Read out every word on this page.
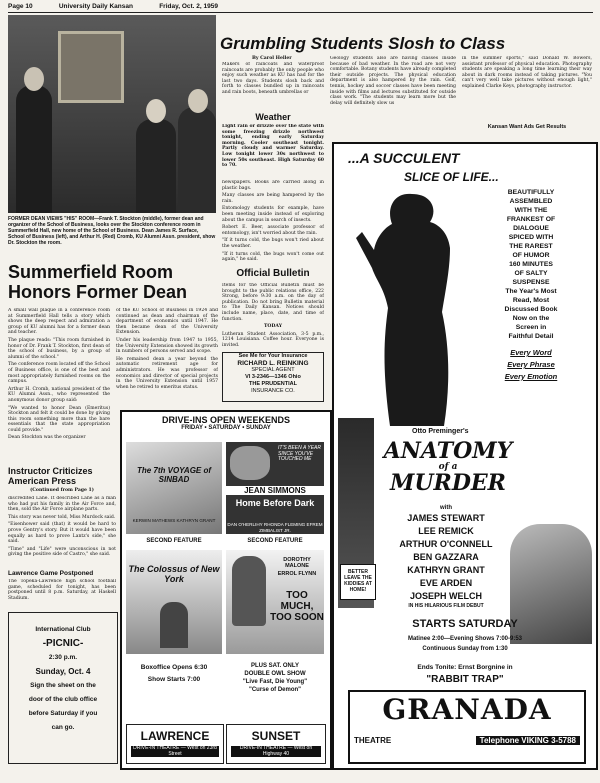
Page 10	University Daily Kansan	Friday, Oct. 2, 1959
FORMER DEAN VIEWS "HIS" ROOM—Frank T. Stockton (middle), former dean and organizer of the School of Business, looks over the Stockton conference room in Summerfield Hall, new home of the School of Business. Dean James R. Surface, School of Business (left), and Arthur H. (Red) Cromb, KU Alumni Assn. president, show Dr. Stockton the room.
Summerfield Room Honors Former Dean

A small wall plaque in a conference room at Summerfield Hall tells a story which shows the deep respect and admiration a group of KU alumni has for a former dean and teacher.

The plaque reads: "This room furnished in honor of Dr. Frank T. Stockton, first dean of the school of business, by a group of alumni of the school."

The conference room located off the School of Business office, is one of the best and most appropriately furnished rooms on the campus.

Arthur H. Cromb, national president of the KU Alumni Assn., who represented the anonymous donor group said:

"We wanted to honor Dean (Emeritus) Stockton and felt it could be done by giving this room something more than the bare essentials that the state appropriation could provide."

Dean Stockton was the organizer

of the KU School of Business in 1924 and continued as dean and chairman of the department of economics until 1947. He then became dean of the University Extension.

Under his leadership from 1947 to 1955, the University Extension showed its growth in numbers of persons served and scope.

He remained dean a year beyond the automatic retirement age for administrators. He was professor of economics and director of special projects in the University Extension until 1957 when he retired to emeritus status.

Grumbling Students Slosh to Class
By Carol Heller
Makers of raincoats and waterproof raincoats are probably the only people who enjoy such weather as KU has had for the last two days. Students slosh back and forth to classes bundled up in raincoats and rain boots, beneath umbrellas or
Geology students also are having classes inside because of bad weather. In the road are not very comfortable. Botany students have already completed their outside projects. The physical education department is also hampered by the rain. Golf, tennis, hockey and soccer classes have been meeting inside with films and lectures substituted for outside class work. "The students may learn more but the delay will definitely slow us
in the summer sports," said Donald W. Bowers, assistant professor of physical education. Photography students are speaking a long time learning their way about in dark rooms instead of taking pictures. "You can't very well take pictures without enough light," explained Clarke Keys, photography instructor.
Kansan Want Ads Get Results
Weather
Light rain or drizzle over the state with some freezing drizzle northwest tonight, ending early Saturday morning. Cooler southeast tonight. Partly cloudy and warmer Saturday. Low tonight lower 30s northwest to lower 50s southeast. High Saturday 60 to 70.

newspapers. Books are carried along in plastic bags.

Many classes are being hampered by the rain.

Entomology students for example, have been meeting inside instead of exploring about the campus in search of insects.

Robert E. Beer, associate professor of entomology, isn't worried about the rain.

"If it turns cold, the bugs won't ried about the weather.

"If it turns cold, the bugs won't come out again," he said.

Official Bulletin

Items for the Official Bulletin must be brought to the public relations office, 222 Strong, before 9:30 a.m. on the day of publication. Do not bring Bulletin material to The Daily Kansan. Notices should include name, place, date, and time of function.

TODAY

Lutheran Student Association, 3-5 p.m., 1214 Louisiana. Coffee hour. Everyone is invited.

See Me for Your Insurance
RICHARD L. REINKING
SPECIAL AGENT
VI 3-2346—1346 Ohio
THE PRUDENTIAL
INSURANCE CO.
Instructor Criticizes American Press
(Continued from Page 1)

discredited Lane. It described Lane as a man who had put his family in the Air Force and, then, sold the Air Force airplane parts.

This story was never told, Miss Murdock said.

"Eisenhower said (that) it would be hard to prove Gentry's story. But it would have been equally as hard to prove Lantz's side," she said.

"Time" and "Life" were unconscious in not giving the positive side of Castro," she said.

Lawrence Game Postponed
The Topeka-Lawrence high school football game, scheduled for tonight, has been postponed until 8 p.m. Saturday, at Haskell Stadium.
International Club
-PICNIC-
2:30 p.m.
Sunday, Oct. 4
Sign the sheet on the
door of the club office
before Saturday if you
can go.
DRIVE-INS OPEN WEEKENDS
FRIDAY • SATURDAY • SUNDAY
The 7th VOYAGE of SINBAD
KERWIN MATHEWS KATHRYN GRANT
IT'S BEEN A YEAR SINCE YOU'VE TOUCHED ME
JEAN SIMMONS
Home Before Dark
DAN O'HERLIHY RHONDA FLEMING EFREM ZIMBALIST JR.
SECOND FEATURE	SECOND FEATURE
The Colossus of New York
DOROTHY MALONE
ERROL FLYNN
TOO MUCH, TOO SOON
Boxoffice Opens 6:30
Show Starts 7:00
PLUS SAT. ONLY
DOUBLE OWL SHOW
"Live Fast, Die Young"
"Curse of Demon"
LAWRENCE
DRIVE-IN THEATRE — West on 23rd Street
SUNSET
DRIVE-IN THEATRE — West on Highway 40
...A SUCCULENT
SLICE OF LIFE...
BEAUTIFULLY
ASSEMBLED
WITH THE
FRANKEST OF
DIALOGUE
SPICED WITH
THE RAREST
OF HUMOR
160 MINUTES
OF SALTY
SUSPENSE
The Year's Most
Read, Most
Discussed Book
Now on the
Screen in
Faithful Detail
Every Word
Every Phrase
Every Emotion
Otto Preminger's
ANATOMY
of a
MURDER
with
JAMES STEWART
LEE REMICK
ARTHUR O'CONNELL
BEN GAZZARA
KATHRYN GRANT
EVE ARDEN
JOSEPH WELCH
IN HIS HILARIOUS FILM DEBUT
BETTER LEAVE THE KIDDIES AT HOME!
STARTS SATURDAY
Matinee 2:00—Evening Shows 7:00-9:53
Continuous Sunday from 1:30
Ends Tonite: Ernst Borgnine in
"RABBIT TRAP"
GRANADA
THEATRE	Telephone VIKING 3-5788
